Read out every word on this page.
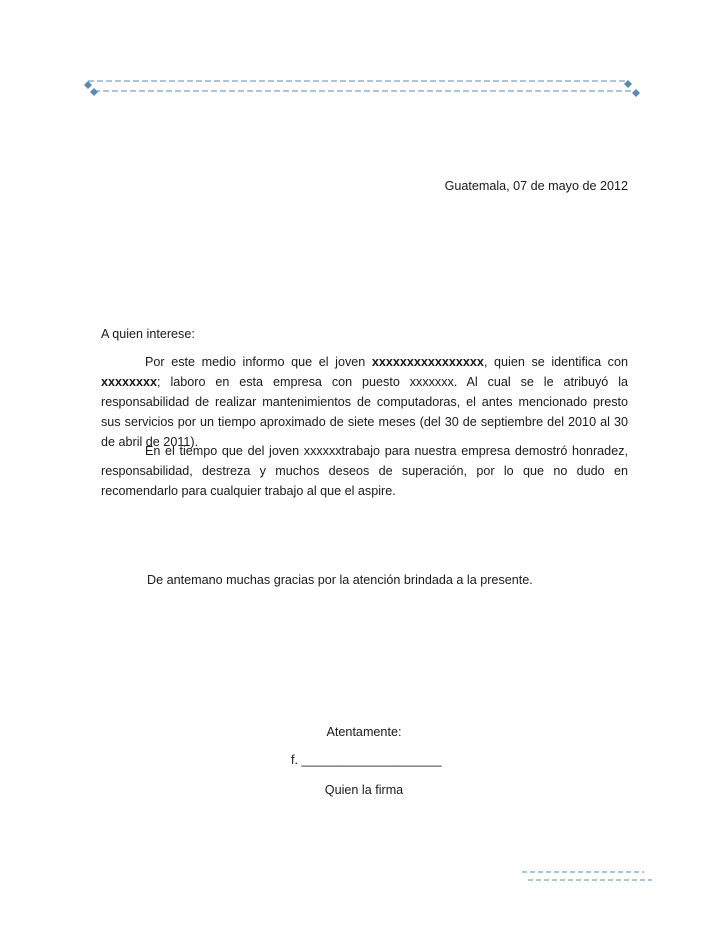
Guatemala, 07 de mayo de 2012
A quien interese:
Por este medio informo que el joven xxxxxxxxxxxxxxxx, quien se identifica con xxxxxxxx; laboro en esta empresa con puesto xxxxxxx. Al cual se le atribuyó la responsabilidad de realizar mantenimientos de computadoras, el antes mencionado presto sus servicios por un tiempo aproximado de siete meses (del 30 de septiembre del 2010 al 30 de abril de 2011).
En el tiempo que del joven xxxxxxtrabajo para nuestra empresa demostró honradez, responsabilidad, destreza y muchos deseos de superación, por lo que no dudo en recomendarlo para cualquier trabajo al que el aspire.
De antemano muchas gracias por la atención brindada a la presente.
Atentamente:
f. ____________________
Quien la firma
